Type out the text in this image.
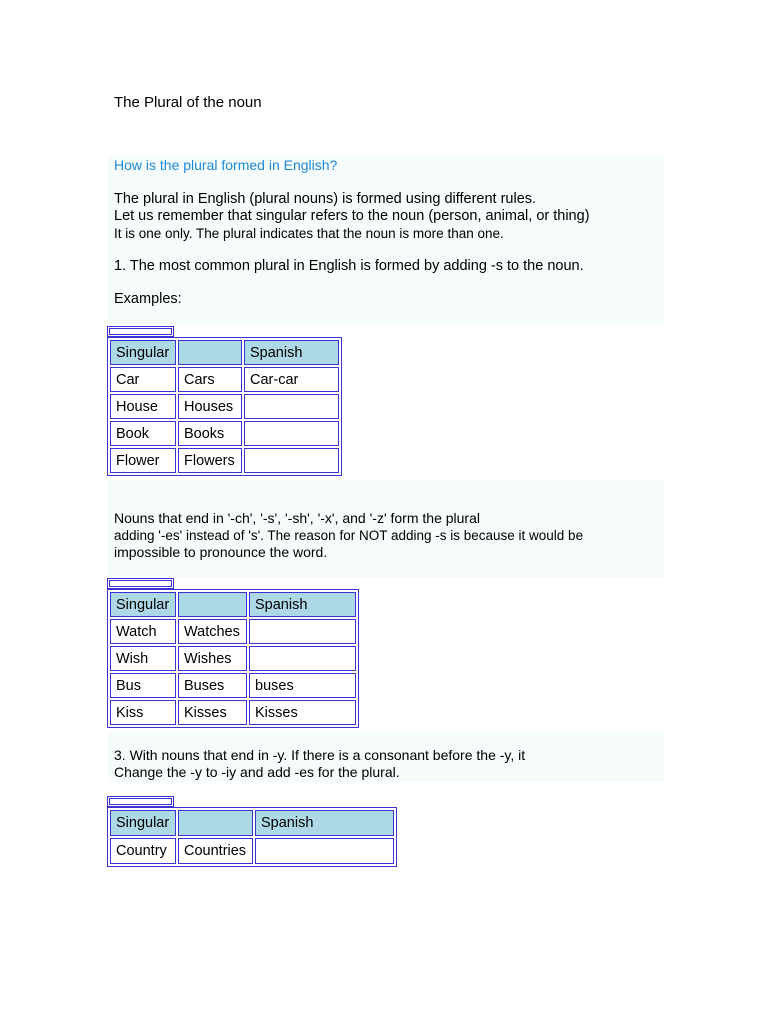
The Plural of the noun
How is the plural formed in English?
The plural in English (plural nouns) is formed using different rules.
Let us remember that singular refers to the noun (person, animal, or thing)
It is one only. The plural indicates that the noun is more than one.
1. The most common plural in English is formed by adding -s to the noun.
Examples:
Singular		Spanish
Car	Cars	Car-car
House	Houses	
Book	Books	
Flower	Flowers	
Nouns that end in '-ch', '-s', '-sh', '-x', and '-z' form the plural
adding '-es' instead of 's'. The reason for NOT adding -s is because it would be
impossible to pronounce the word.
Singular		Spanish
Watch	Watches	
Wish	Wishes	
Bus	Buses	buses
Kiss	Kisses	Kisses
3. With nouns that end in -y. If there is a consonant before the -y, it
Change the -y to -iy and add -es for the plural.
Singular		Spanish
Country	Countries	
